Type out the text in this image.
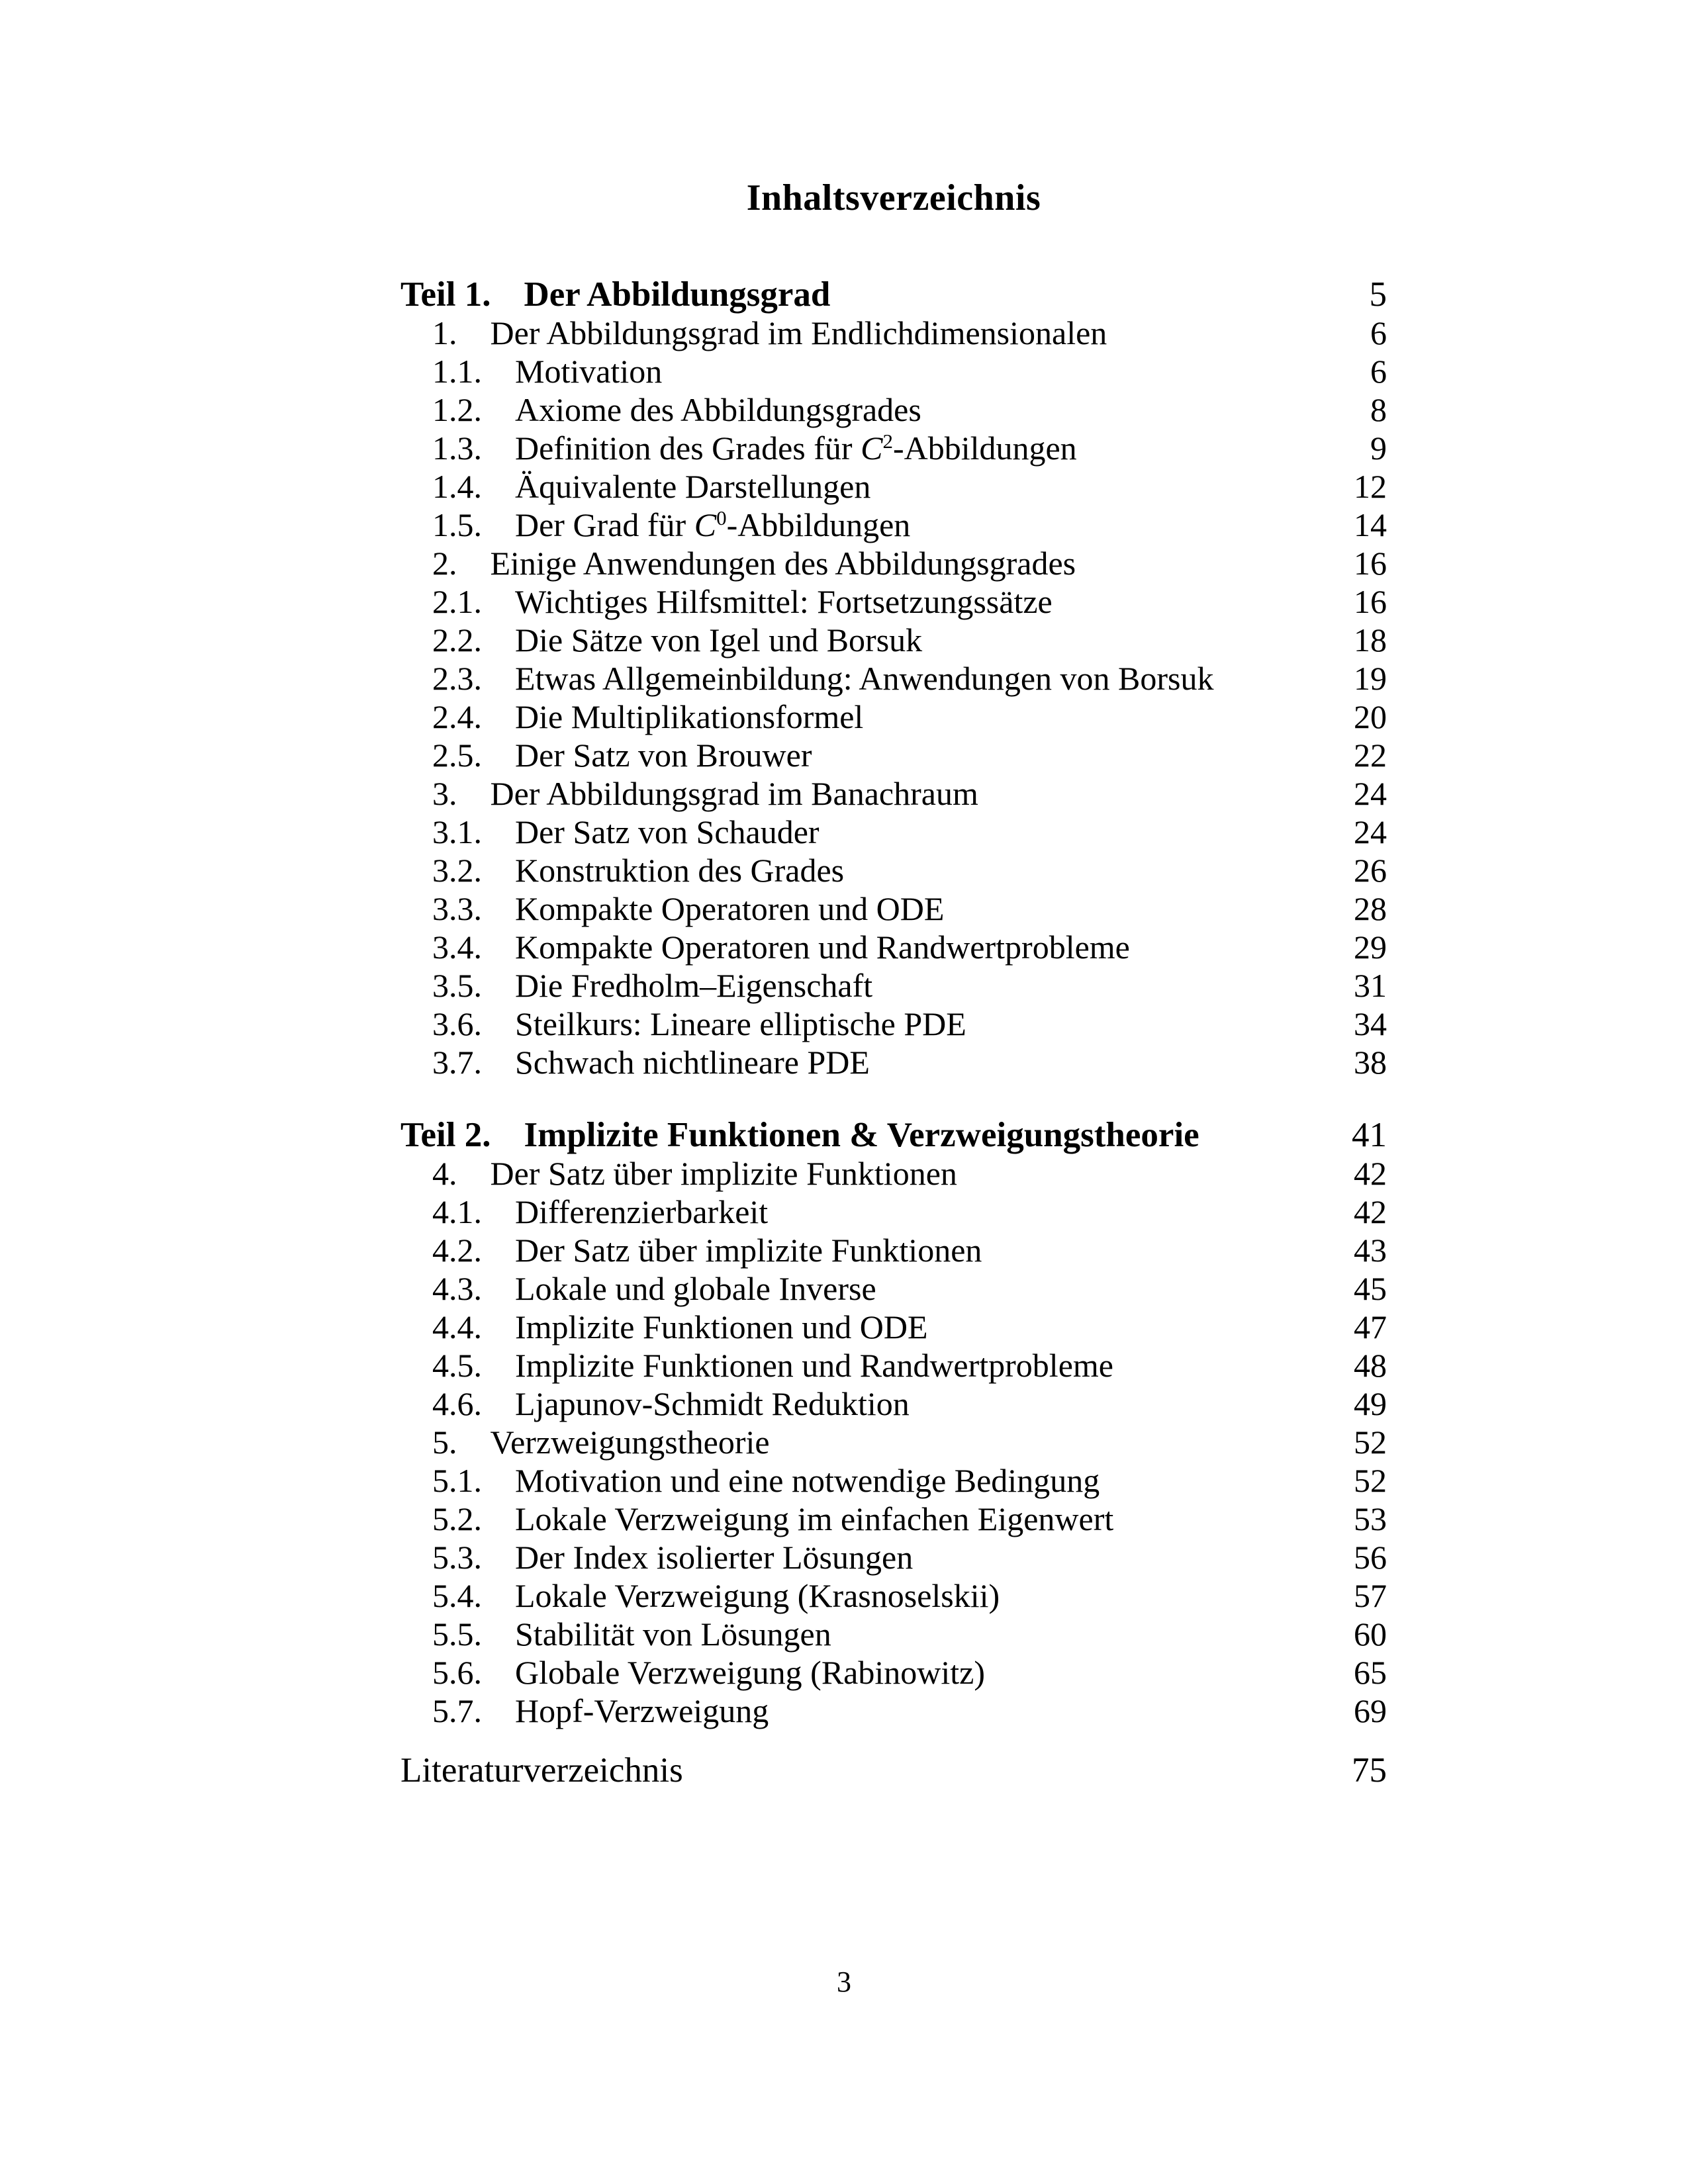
Inhaltsverzeichnis
Teil 1. Der Abbildungsgrad	5
1. Der Abbildungsgrad im Endlichdimensionalen	6
1.1. Motivation	6
1.2. Axiome des Abbildungsgrades	8
1.3. Definition des Grades für $C^2$-Abbildungen	9
1.4. Äquivalente Darstellungen	12
1.5. Der Grad für $C^0$-Abbildungen	14
2. Einige Anwendungen des Abbildungsgrades	16
2.1. Wichtiges Hilfsmittel: Fortsetzungssätze	16
2.2. Die Sätze von Igel und Borsuk	18
2.3. Etwas Allgemeinbildung: Anwendungen von Borsuk	19
2.4. Die Multiplikationsformel	20
2.5. Der Satz von Brouwer	22
3. Der Abbildungsgrad im Banachraum	24
3.1. Der Satz von Schauder	24
3.2. Konstruktion des Grades	26
3.3. Kompakte Operatoren und ODE	28
3.4. Kompakte Operatoren und Randwertprobleme	29
3.5. Die Fredholm–Eigenschaft	31
3.6. Steilkurs: Lineare elliptische PDE	34
3.7. Schwach nichtlineare PDE	38
Teil 2. Implizite Funktionen & Verzweigungstheorie	41
4. Der Satz über implizite Funktionen	42
4.1. Differenzierbarkeit	42
4.2. Der Satz über implizite Funktionen	43
4.3. Lokale und globale Inverse	45
4.4. Implizite Funktionen und ODE	47
4.5. Implizite Funktionen und Randwertprobleme	48
4.6. Ljapunov-Schmidt Reduktion	49
5. Verzweigungstheorie	52
5.1. Motivation und eine notwendige Bedingung	52
5.2. Lokale Verzweigung im einfachen Eigenwert	53
5.3. Der Index isolierter Lösungen	56
5.4. Lokale Verzweigung (Krasnoselskii)	57
5.5. Stabilität von Lösungen	60
5.6. Globale Verzweigung (Rabinowitz)	65
5.7. Hopf-Verzweigung	69
Literaturverzeichnis	75
3
